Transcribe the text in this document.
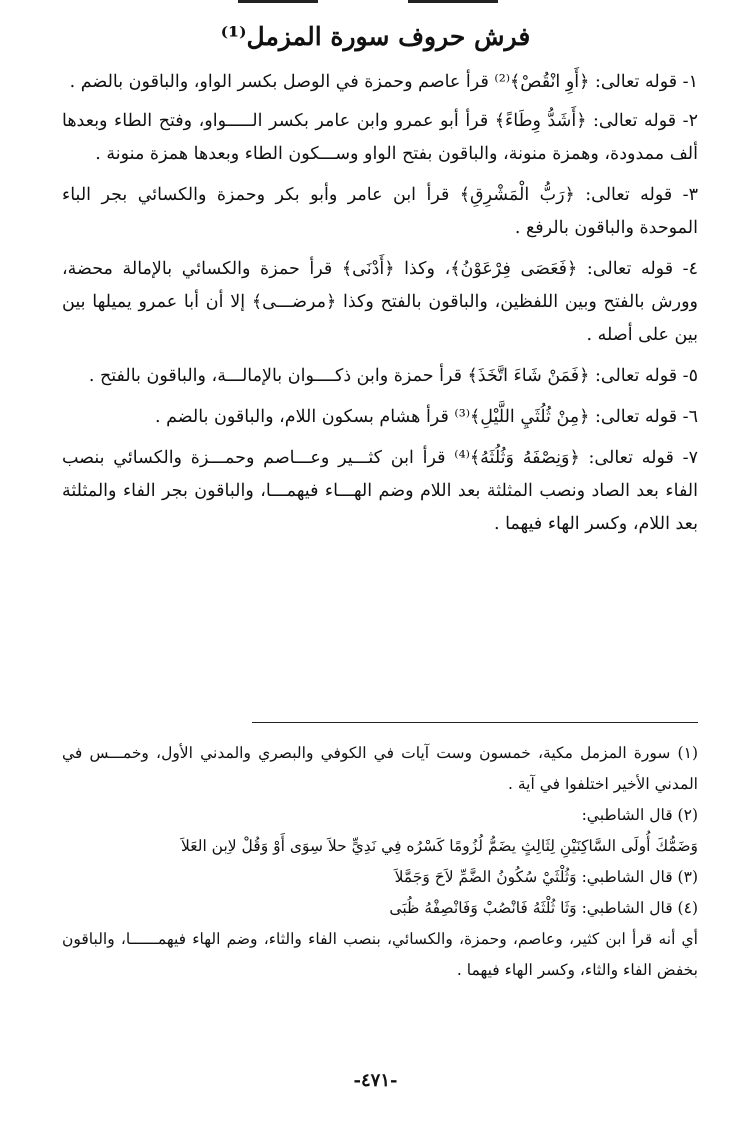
فرش حروف سورة المزمل⁽¹⁾

١- قوله تعالى: ﴿أَوِ انْقُصْ﴾⁽²⁾ قرأ عاصم وحمزة في الوصل بكسر الواو، والباقون بالضم .

٢- قوله تعالى: ﴿أَشَدُّ وِطَاءً﴾ قرأ أبو عمرو وابن عامر بكسر الـــــواو، وفتح الطاء وبعدها ألف ممدودة، وهمزة منونة، والباقون بفتح الواو وســـكون الطاء وبعدها همزة منونة .

٣- قوله تعالى: ﴿رَبُّ الْمَشْرِقِ﴾ قرأ ابن عامر وأبو بكر وحمزة والكسائي بجر الباء الموحدة والباقون بالرفع .

٤- قوله تعالى: ﴿فَعَصَى فِرْعَوْنُ﴾، وكذا ﴿أَدْنَى﴾ قرأ حمزة والكسائي بالإمالة محضة، وورش بالفتح وبين اللفظين، والباقون بالفتح وكذا ﴿مرضـــى﴾ إلا أن أبا عمرو يميلها بين بين على أصله .

٥- قوله تعالى: ﴿فَمَنْ شَاءَ اتَّخَذَ﴾ قرأ حمزة وابن ذكــــوان بالإمالـــة، والباقون بالفتح .

٦- قوله تعالى: ﴿مِنْ ثُلُثَيِ اللَّيْلِ﴾⁽³⁾ قرأ هشام بسكون اللام، والباقون بالضم .

٧- قوله تعالى: ﴿وَنِصْفَهُ وَثُلُثَهُ﴾⁽⁴⁾ قرأ ابن كثـــير وعـــاصم وحمـــزة والكسائي بنصب الفاء بعد الصاد ونصب المثلثة بعد اللام وضم الهـــاء فيهمـــا، والباقون بجر الفاء والمثلثة بعد اللام، وكسر الهاء فيهما .

(١) سورة المزمل مكية، خمسون وست آيات في الكوفي والبصري والمدني الأول، وخمـــس في المدني الأخير اختلفوا في آية .

(٢) قال الشاطبي:

وَضَمُّكَ أُولَى السَّاكِنَيْنِ لِثَالِثٍ يضَمُّ لُزُومًا كَسْرُه فِي نَدِيٍّ حلاَ سِوَى أَوْ وَقُلْ لاِبن العَلاَ

(٣) قال الشاطبي: وَثُلْثَيْ سُكُونُ الضَّمِّ لاَحَ وَجَمَّلاَ

(٤) قال الشاطبي: وَثَا ثُلْثَهُ فَانْصُبْ وَفَانْصِفْهُ ظُبَى

أي أنه قرأ ابن كثير، وعاصم، وحمزة، والكسائي، بنصب الفاء والثاء، وضم الهاء فيهمــــــا، والباقون بخفض الفاء والثاء، وكسر الهاء فيهما .

-٤٧١-
